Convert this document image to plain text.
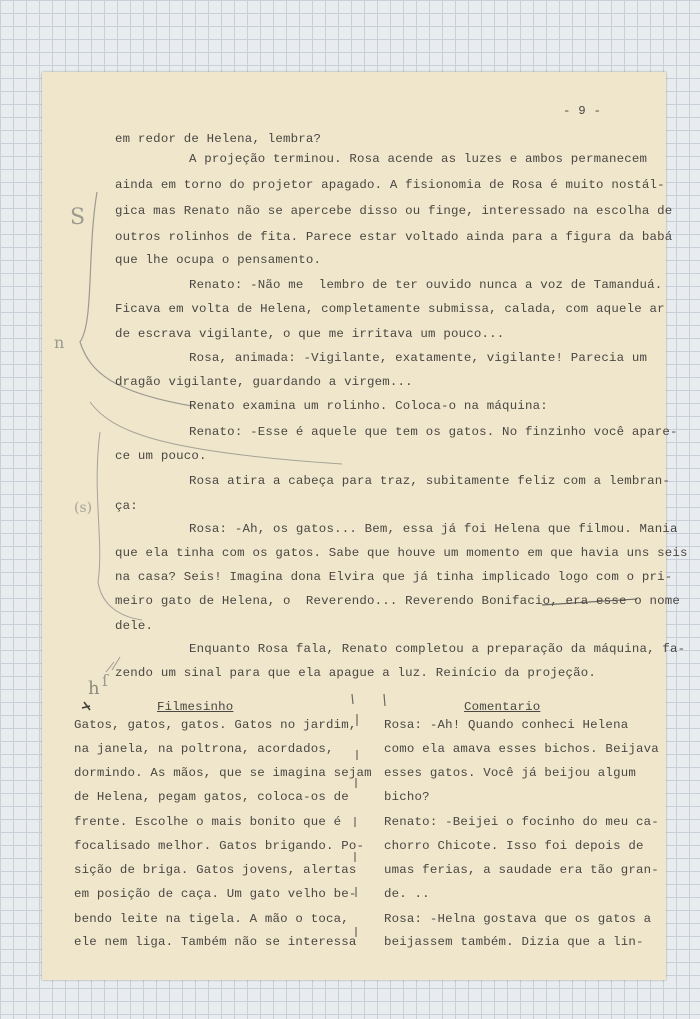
S
n
(s)
h ſ
- 9 -
em redor de Helena, lembra?
A projeção terminou. Rosa acende as luzes e ambos permanecem
ainda em torno do projetor apagado. A fisionomia de Rosa é muito nostál-
gica mas Renato não se apercebe disso ou finge, interessado na escolha de
outros rolinhos de fita. Parece estar voltado ainda para a figura da babá
que lhe ocupa o pensamento.
Renato: -Não me  lembro de ter ouvido nunca a voz de Tamanduá.
Ficava em volta de Helena, completamente submissa, calada, com aquele ar
de escrava vigilante, o que me irritava um pouco...
Rosa, animada: -Vigilante, exatamente, vigilante! Parecia um
dragão vigilante, guardando a virgem...
Renato examina um rolinho. Coloca-o na máquina:
Renato: -Esse é aquele que tem os gatos. No finzinho você apare-
ce um pouco.
Rosa atira a cabeça para traz, subitamente feliz com a lembran-
ça:
Rosa: -Ah, os gatos... Bem, essa já foi Helena que filmou. Mania
que ela tinha com os gatos. Sabe que houve um momento em que havia uns seis
na casa? Seis! Imagina dona Elvira que já tinha implicado logo com o pri-
meiro gato de Helena, o  Reverendo... Reverendo Bonifacio, era esse o nome
dele.
Enquanto Rosa fala, Renato completou a preparação da máquina, fa-
zendo um sinal para que ela apague a luz. Reinício da projeção.
Filmesinho	Comentario
Gatos, gatos, gatos. Gatos no jardim,
na janela, na poltrona, acordados,
dormindo. As mãos, que se imagina sejam
de Helena, pegam gatos, coloca-os de
frente. Escolhe o mais bonito que é
focalisado melhor. Gatos brigando. Po-
sição de briga. Gatos jovens, alertas
em posição de caça. Um gato velho be-
bendo leite na tigela. A mão o toca,
ele nem liga. Também não se interessa
Rosa: -Ah! Quando conheci Helena
como ela amava esses bichos. Beijava
esses gatos. Você já beijou algum
bicho?
Renato: -Beijei o focinho do meu ca-
chorro Chicote. Isso foi depois de
umas ferias, a saudade era tão gran-
de. ..
Rosa: -Helna gostava que os gatos a
beijassem também. Dizia que a lin-
